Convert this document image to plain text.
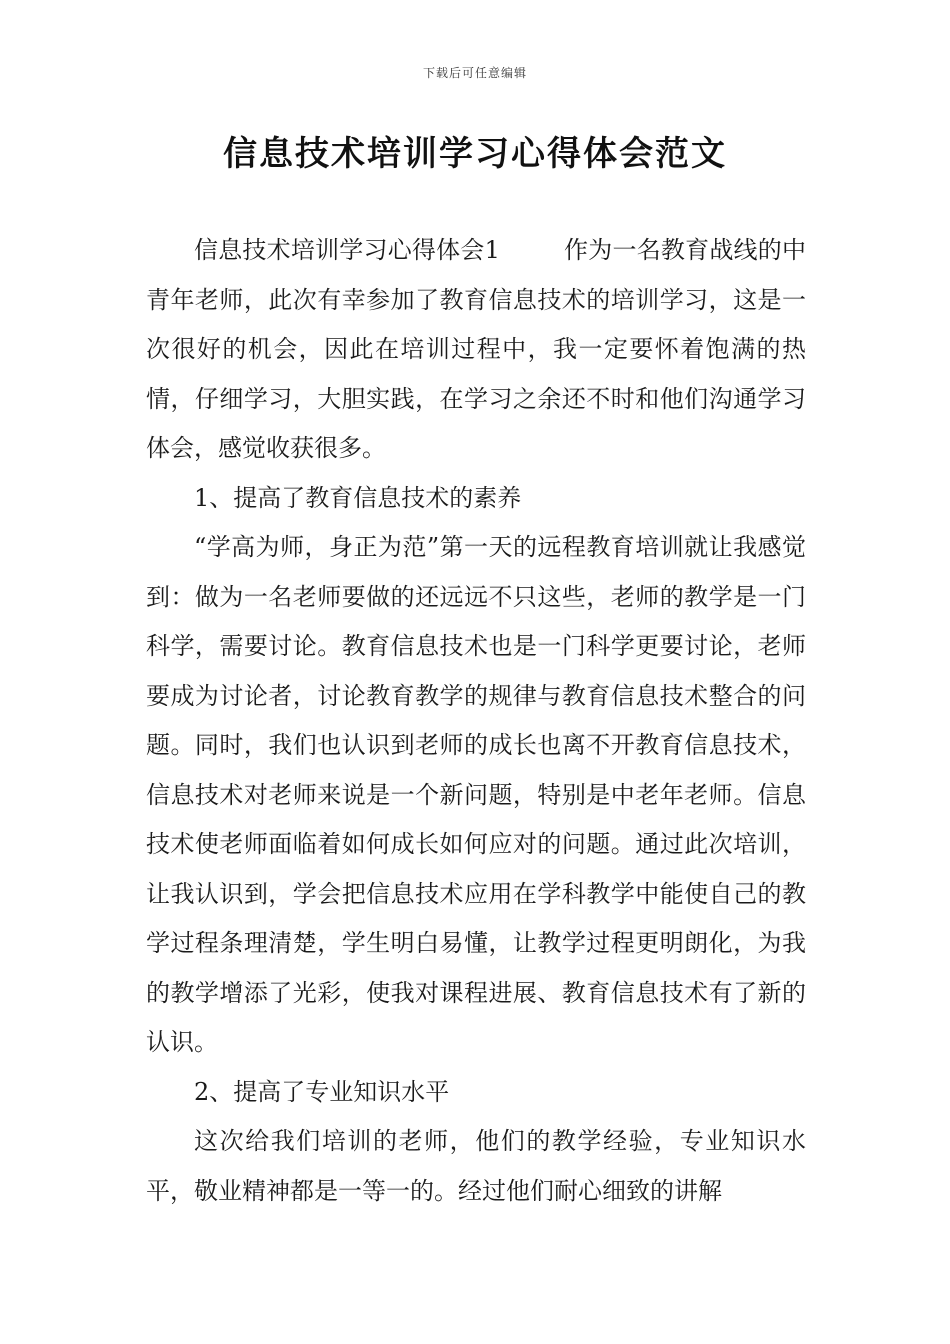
下载后可任意编辑
信息技术培训学习心得体会范文

信息技术培训学习心得体会1	作为一名教育战线的中青年老师，此次有幸参加了教育信息技术的培训学习，这是一次很好的机会，因此在培训过程中，我一定要怀着饱满的热情，仔细学习，大胆实践，在学习之余还不时和他们沟通学习体会，感觉收获很多。

1、提高了教育信息技术的素养

“学高为师，身正为范”第一天的远程教育培训就让我感觉到：做为一名老师要做的还远远不只这些，老师的教学是一门科学，需要讨论。教育信息技术也是一门科学更要讨论，老师要成为讨论者，讨论教育教学的规律与教育信息技术整合的问题。同时，我们也认识到老师的成长也离不开教育信息技术，信息技术对老师来说是一个新问题，特别是中老年老师。信息技术使老师面临着如何成长如何应对的问题。通过此次培训，让我认识到，学会把信息技术应用在学科教学中能使自己的教学过程条理清楚，学生明白易懂，让教学过程更明朗化，为我的教学增添了光彩，使我对课程进展、教育信息技术有了新的认识。

2、提高了专业知识水平

这次给我们培训的老师，他们的教学经验，专业知识水平，敬业精神都是一等一的。经过他们耐心细致的讲解
